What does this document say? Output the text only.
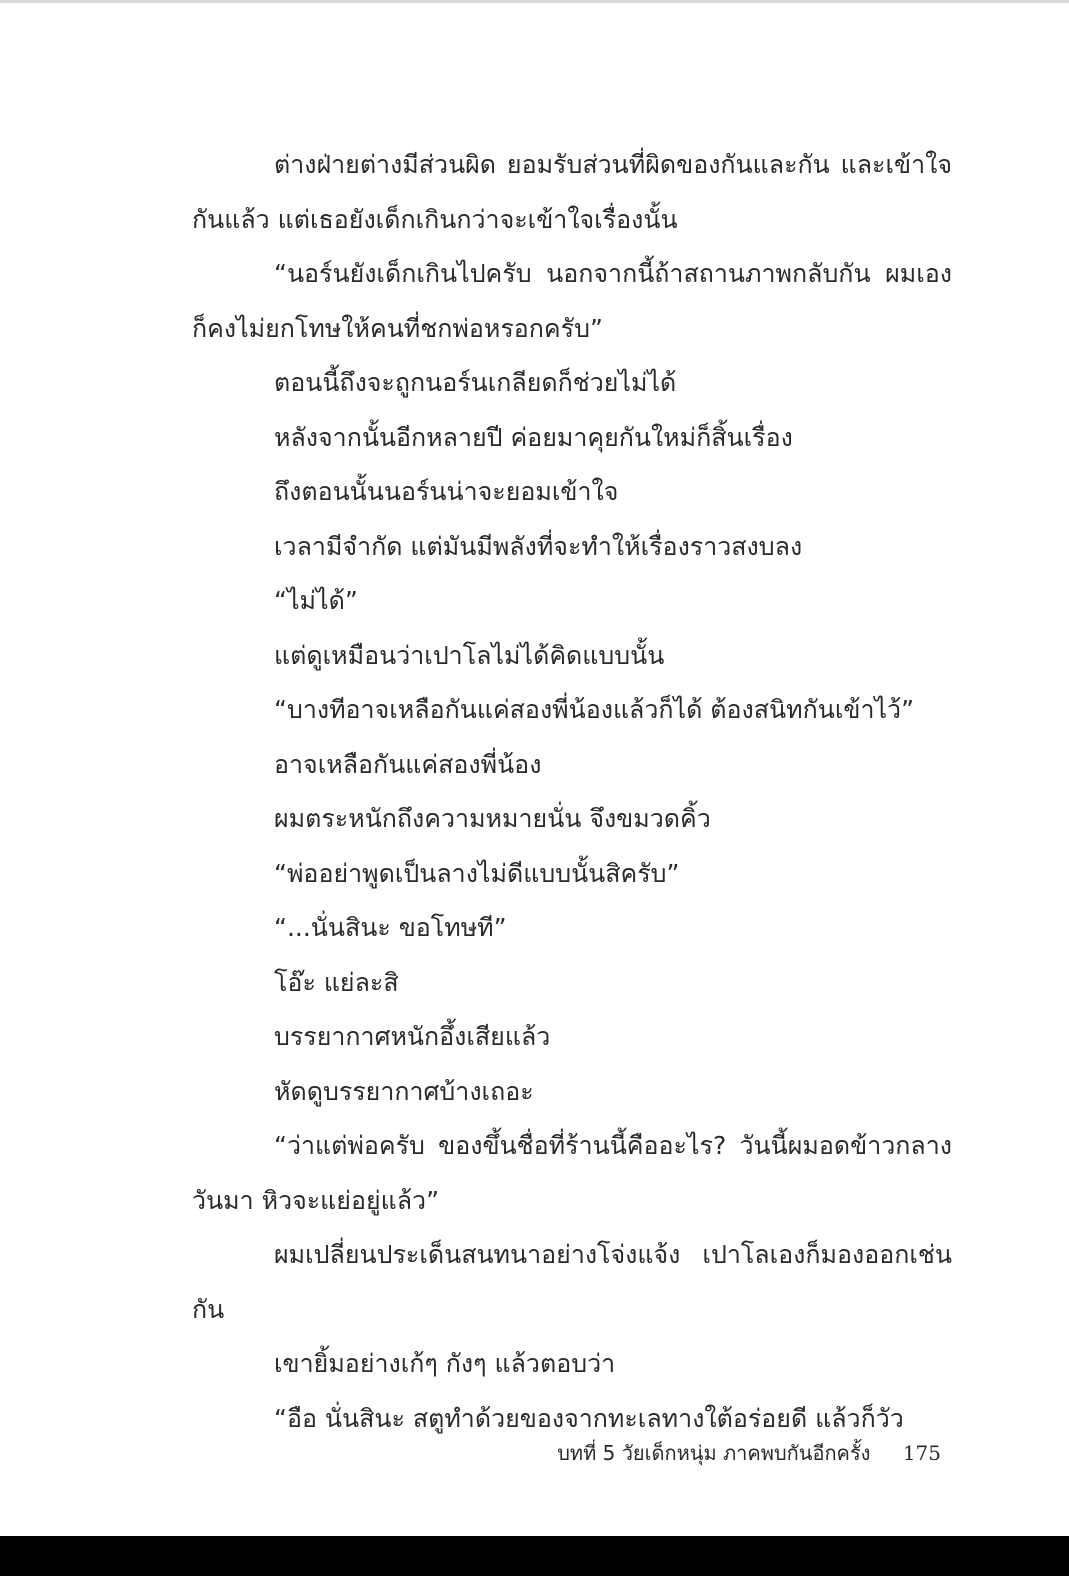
ต่างฝ่ายต่างมีส่วนผิด ยอมรับส่วนที่ผิดของกันและกัน และเข้าใจกันแล้ว แต่เธอยังเด็กเกินกว่าจะเข้าใจเรื่องนั้น

“นอร์นยังเด็กเกินไปครับ นอกจากนี้ถ้าสถานภาพกลับกัน ผมเองก็คงไม่ยกโทษให้คนที่ชกพ่อหรอกครับ”

ตอนนี้ถึงจะถูกนอร์นเกลียดก็ช่วยไม่ได้

หลังจากนั้นอีกหลายปี ค่อยมาคุยกันใหม่ก็สิ้นเรื่อง

ถึงตอนนั้นนอร์นน่าจะยอมเข้าใจ

เวลามีจำกัด แต่มันมีพลังที่จะทำให้เรื่องราวสงบลง

“ไม่ได้”

แต่ดูเหมือนว่าเปาโลไม่ได้คิดแบบนั้น

“บางทีอาจเหลือกันแค่สองพี่น้องแล้วก็ได้ ต้องสนิทกันเข้าไว้”

อาจเหลือกันแค่สองพี่น้อง

ผมตระหนักถึงความหมายนั่น จึงขมวดคิ้ว

“พ่ออย่าพูดเป็นลางไม่ดีแบบนั้นสิครับ”

“...นั่นสินะ ขอโทษที”

โอ๊ะ แย่ละสิ

บรรยากาศหนักอึ้งเสียแล้ว

หัดดูบรรยากาศบ้างเถอะ

“ว่าแต่พ่อครับ ของขึ้นชื่อที่ร้านนี้คืออะไร? วันนี้ผมอดข้าวกลางวันมา หิวจะแย่อยู่แล้ว”

ผมเปลี่ยนประเด็นสนทนาอย่างโจ่งแจ้ง เปาโลเองก็มองออกเช่นกัน

เขายิ้มอย่างเก้ๆ กังๆ แล้วตอบว่า

“อือ นั่นสินะ สตูทำด้วยของจากทะเลทางใต้อร่อยดี แล้วก็วัว

บทที่ 5 วัยเด็กหนุ่ม ภาคพบกันอีกครั้ง 175
